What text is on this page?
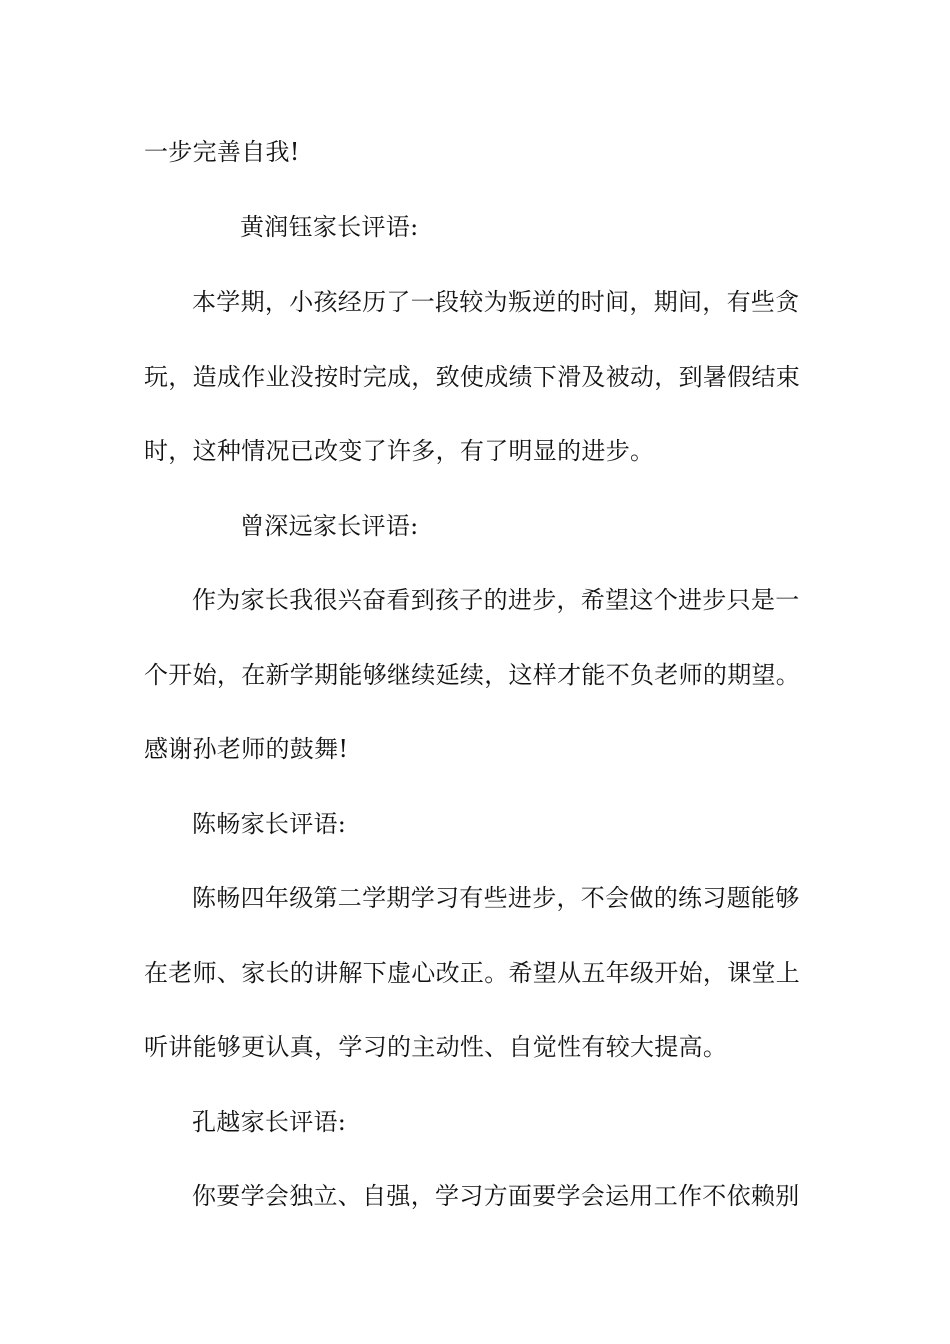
一步完善自我!
黄润钰家长评语:
本学期，小孩经历了一段较为叛逆的时间，期间，有些贪
玩，造成作业没按时完成，致使成绩下滑及被动，到暑假结束
时，这种情况已改变了许多，有了明显的进步。
曾深远家长评语:
作为家长我很兴奋看到孩子的进步，希望这个进步只是一
个开始，在新学期能够继续延续，这样才能不负老师的期望。
感谢孙老师的鼓舞!
陈畅家长评语:
陈畅四年级第二学期学习有些进步，不会做的练习题能够
在老师、家长的讲解下虚心改正。希望从五年级开始，课堂上
听讲能够更认真，学习的主动性、自觉性有较大提高。
孔越家长评语:
你要学会独立、自强，学习方面要学会运用工作不依赖别
